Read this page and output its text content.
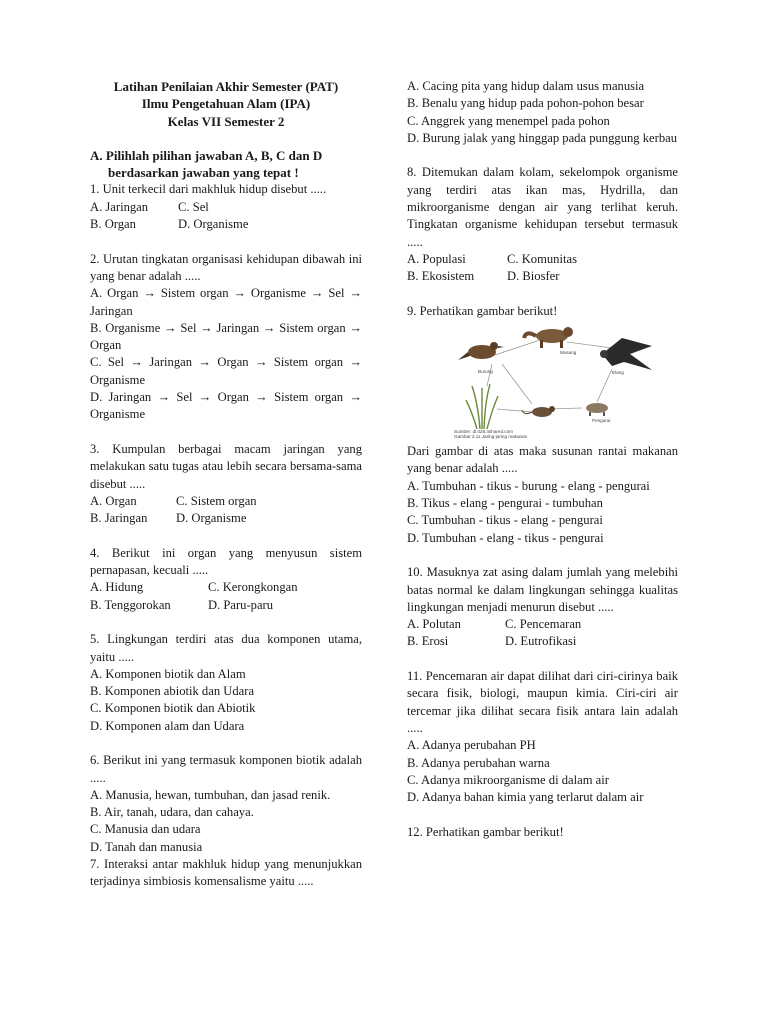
Latihan Penilaian Akhir Semester (PAT)
Ilmu Pengetahuan Alam (IPA)
Kelas VII Semester 2
A. Pilihlah pilihan jawaban A, B, C dan D
berdasarkan jawaban yang tepat !
1. Unit terkecil dari makhluk hidup disebut .....
A. Jaringan	C. Sel
B. Organ	D. Organisme
2. Urutan tingkatan organisasi kehidupan dibawah ini yang benar adalah .....
A. Organ → Sistem organ → Organisme → Sel → Jaringan
B. Organisme → Sel → Jaringan → Sistem organ → Organ
C. Sel → Jaringan → Organ → Sistem organ → Organisme
D. Jaringan → Sel → Organ → Sistem organ → Organisme
3. Kumpulan berbagai macam jaringan yang melakukan satu tugas atau lebih secara bersama-sama disebut .....
A. Organ	C. Sistem organ
B. Jaringan	D. Organisme
4. Berikut ini organ yang menyusun sistem pernapasan, kecuali .....
A. Hidung	C. Kerongkongan
B. Tenggorokan	D. Paru-paru
5. Lingkungan terdiri atas dua komponen utama, yaitu .....
A. Komponen biotik dan Alam
B. Komponen abiotik dan Udara
C. Komponen biotik dan Abiotik
D. Komponen alam dan Udara
6. Berikut ini yang termasuk komponen biotik adalah .....
A. Manusia, hewan, tumbuhan, dan jasad renik.
B. Air, tanah, udara, dan cahaya.
C. Manusia dan udara
D. Tanah dan manusia
7. Interaksi antar makhluk hidup yang menunjukkan terjadinya simbiosis komensalisme yaitu .....
A. Cacing pita yang hidup dalam usus manusia
B. Benalu yang hidup pada pohon-pohon besar
C. Anggrek yang menempel pada pohon
D. Burung jalak yang hinggap pada punggung kerbau
8. Ditemukan dalam kolam, sekelompok organisme yang terdiri atas ikan mas, Hydrilla, dan mikroorganisme dengan air yang terlihat keruh. Tingkatan organisme kehidupan tersebut termasuk .....
A. Populasi	C. Komunitas
B. Ekosistem	D. Biosfer
9. Perhatikan gambar berikut!
Musang
Burung	Elang
Pengurai
Sumber: dl.026.4shared.com
Gambar 2.11 Jaring-jaring makanan
Dari gambar di atas maka susunan rantai makanan yang benar adalah .....
A. Tumbuhan - tikus - burung - elang - pengurai
B. Tikus - elang - pengurai - tumbuhan
C. Tumbuhan - tikus - elang - pengurai
D. Tumbuhan - elang - tikus - pengurai
10. Masuknya zat asing dalam jumlah yang melebihi batas normal ke dalam lingkungan sehingga kualitas lingkungan menjadi menurun disebut .....
A. Polutan	C. Pencemaran
B. Erosi	D. Eutrofikasi
11. Pencemaran air dapat dilihat dari ciri-cirinya baik secara fisik, biologi, maupun kimia. Ciri-ciri air tercemar jika dilihat secara fisik antara lain adalah .....
A. Adanya perubahan PH
B. Adanya perubahan warna
C. Adanya mikroorganisme di dalam air
D. Adanya bahan kimia yang terlarut dalam air
12. Perhatikan gambar berikut!
